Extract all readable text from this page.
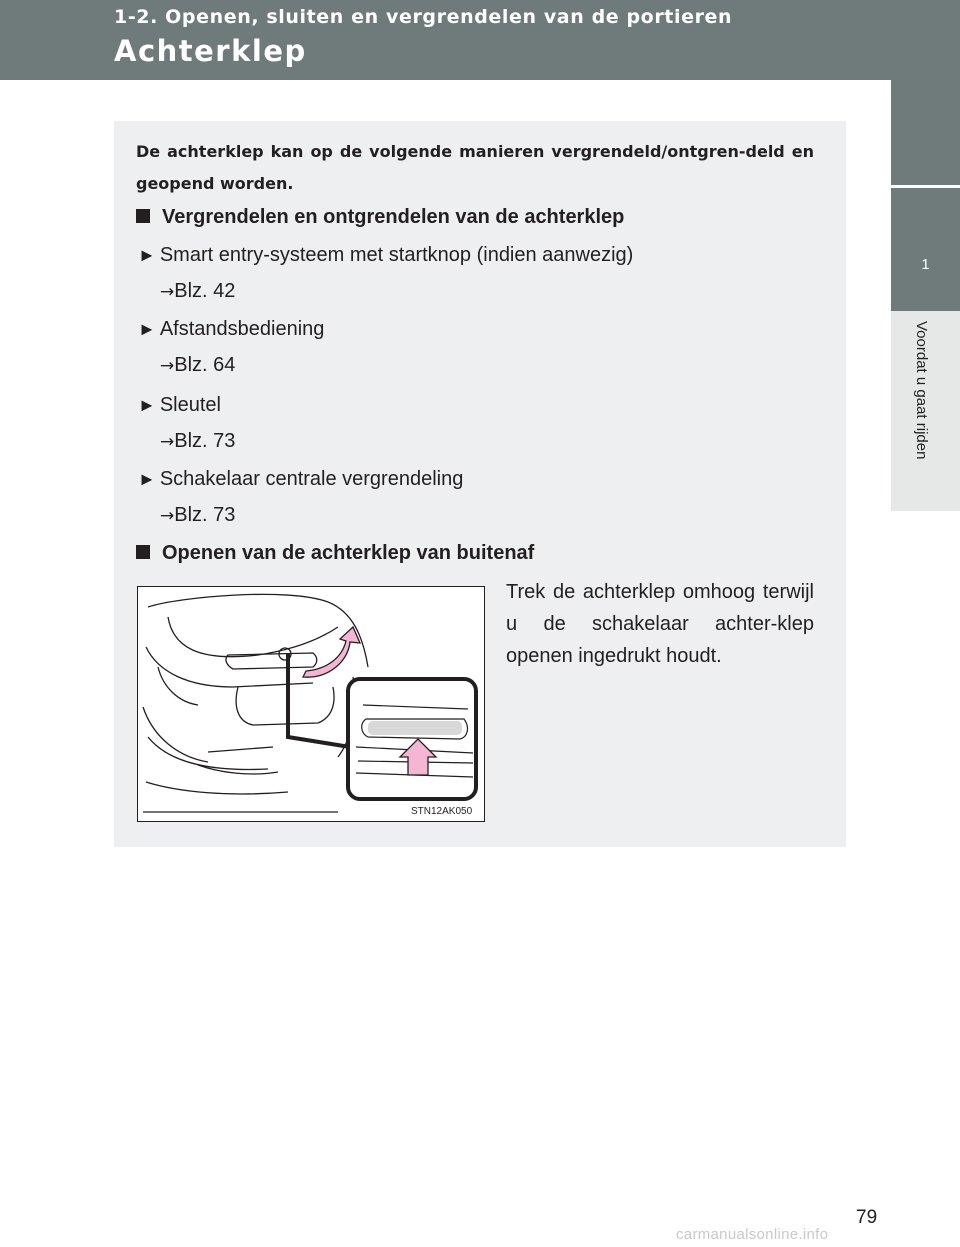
1-2. Openen, sluiten en vergrendelen van de portieren
Achterklep
1
Voordat u gaat rijden
De achterklep kan op de volgende manieren vergrendeld/ontgren-deld en geopend worden.
Vergrendelen en ontgrendelen van de achterklep
► Smart entry-systeem met startknop (indien aanwezig)
→Blz. 42
► Afstandsbediening
→Blz. 64
► Sleutel
→Blz. 73
► Schakelaar centrale vergrendeling
→Blz. 73
Openen van de achterklep van buitenaf
STN12AK050
Trek de achterklep omhoog terwijl u de schakelaar achter-klep openen ingedrukt houdt.
79
carmanualsonline.info
